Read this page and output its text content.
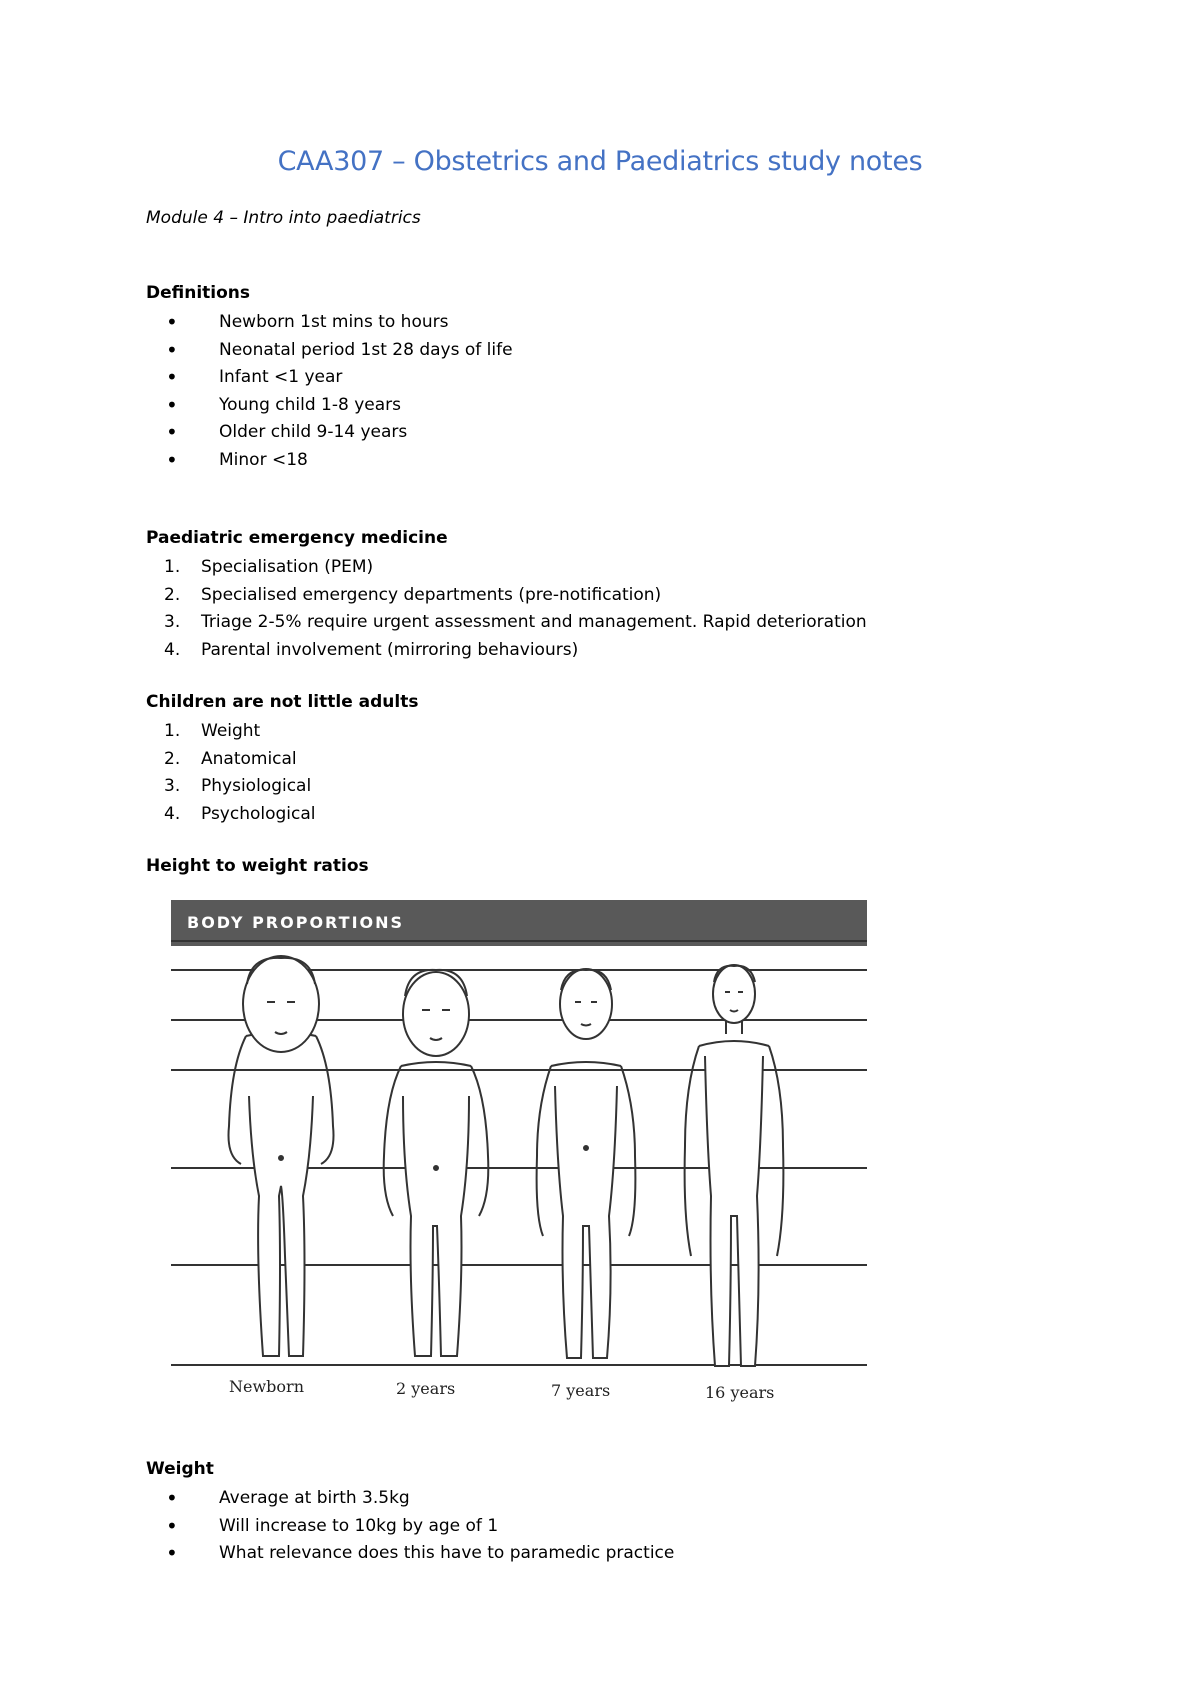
CAA307 – Obstetrics and Paediatrics study notes
Module 4 – Intro into paediatrics
Definitions
• Newborn 1st mins to hours
• Neonatal period 1st 28 days of life
• Infant <1 year
• Young child 1-8 years
• Older child 9-14 years
• Minor <18
Paediatric emergency medicine
1. Specialisation (PEM)
2. Specialised emergency departments (pre-notification)
3. Triage 2-5% require urgent assessment and management. Rapid deterioration
4. Parental involvement (mirroring behaviours)
Children are not little adults
1. Weight
2. Anatomical
3. Physiological
4. Psychological
Height to weight ratios
BODY PROPORTIONS
Newborn	2 years	7 years	16 years
Weight
• Average at birth 3.5kg
• Will increase to 10kg by age of 1
• What relevance does this have to paramedic practice
